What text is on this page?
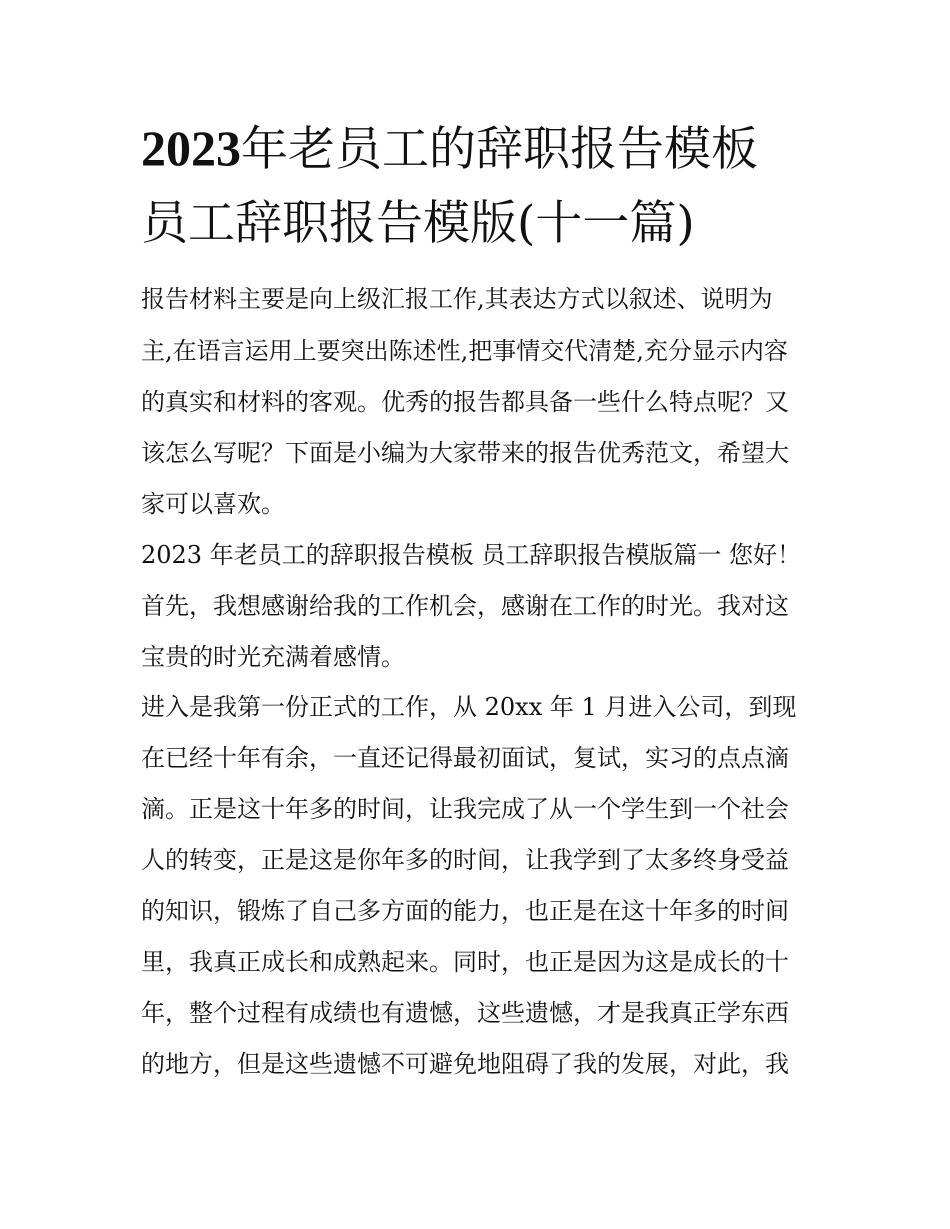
2023年老员工的辞职报告模板
员工辞职报告模版(十一篇)

报告材料主要是向上级汇报工作,其表达方式以叙述、说明为

主,在语言运用上要突出陈述性,把事情交代清楚,充分显示内容

的真实和材料的客观。优秀的报告都具备一些什么特点呢？又

该怎么写呢？下面是小编为大家带来的报告优秀范文，希望大

家可以喜欢。

2023 年老员工的辞职报告模板 员工辞职报告模版篇一 您好！

首先，我想感谢给我的工作机会，感谢在工作的时光。我对这

宝贵的时光充满着感情。

进入是我第一份正式的工作，从 20xx 年 1 月进入公司，到现

在已经十年有余，一直还记得最初面试，复试，实习的点点滴

滴。正是这十年多的时间，让我完成了从一个学生到一个社会

人的转变，正是这是你年多的时间，让我学到了太多终身受益

的知识，锻炼了自己多方面的能力，也正是在这十年多的时间

里，我真正成长和成熟起来。同时，也正是因为这是成长的十

年，整个过程有成绩也有遗憾，这些遗憾，才是我真正学东西

的地方，但是这些遗憾不可避免地阻碍了我的发展，对此，我
